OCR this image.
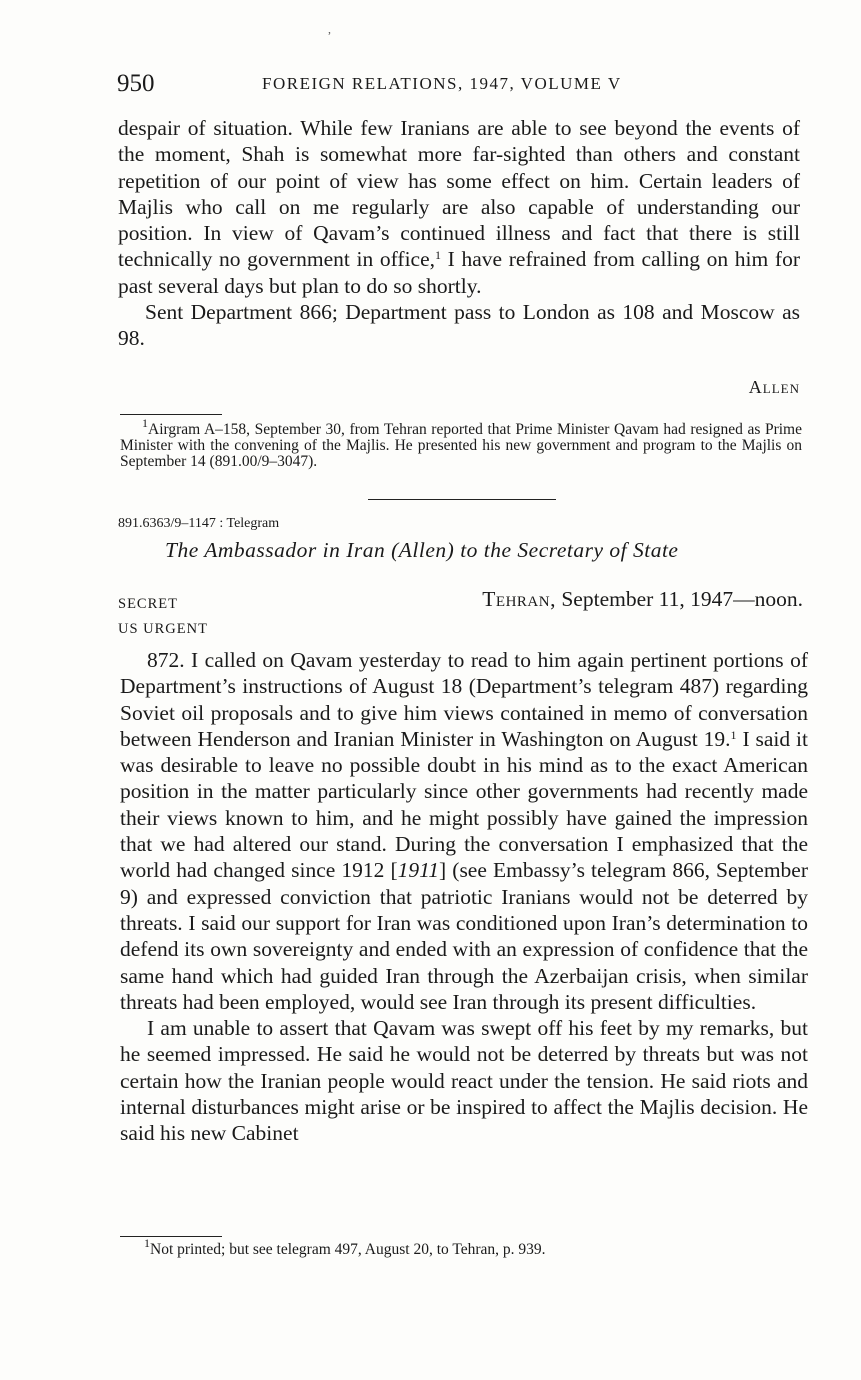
,
950	FOREIGN RELATIONS, 1947, VOLUME V

despair of situation. While few Iranians are able to see beyond the events of the moment, Shah is somewhat more far-sighted than others and constant repetition of our point of view has some effect on him. Certain leaders of Majlis who call on me regularly are also capable of understanding our position. In view of Qavam’s continued illness and fact that there is still technically no government in office,$^1$ I have refrained from calling on him for past several days but plan to do so shortly.

Sent Department 866; Department pass to London as 108 and Moscow as 98.

Allen
$^1$Airgram A–158, September 30, from Tehran reported that Prime Minister Qavam had resigned as Prime Minister with the convening of the Majlis. He presented his new government and program to the Majlis on September 14 (891.00/9–3047).
891.6363/9–1147 : Telegram
The Ambassador in Iran (Allen) to the Secretary of State
SECRET
US URGENT
Tehran, September 11, 1947—noon.

872. I called on Qavam yesterday to read to him again pertinent portions of Department’s instructions of August 18 (Department’s telegram 487) regarding Soviet oil proposals and to give him views contained in memo of conversation between Henderson and Iranian Minister in Washington on August 19.$^1$ I said it was desirable to leave no possible doubt in his mind as to the exact American position in the matter particularly since other governments had recently made their views known to him, and he might possibly have gained the impression that we had altered our stand. During the conversation I emphasized that the world had changed since 1912 [1911] (see Embassy’s telegram 866, September 9) and expressed conviction that patriotic Iranians would not be deterred by threats. I said our support for Iran was conditioned upon Iran’s determination to defend its own sovereignty and ended with an expression of confidence that the same hand which had guided Iran through the Azerbaijan crisis, when similar threats had been employed, would see Iran through its present difficulties.

I am unable to assert that Qavam was swept off his feet by my remarks, but he seemed impressed. He said he would not be deterred by threats but was not certain how the Iranian people would react under the tension. He said riots and internal disturbances might arise or be inspired to affect the Majlis decision. He said his new Cabinet

$^1$Not printed; but see telegram 497, August 20, to Tehran, p. 939.
